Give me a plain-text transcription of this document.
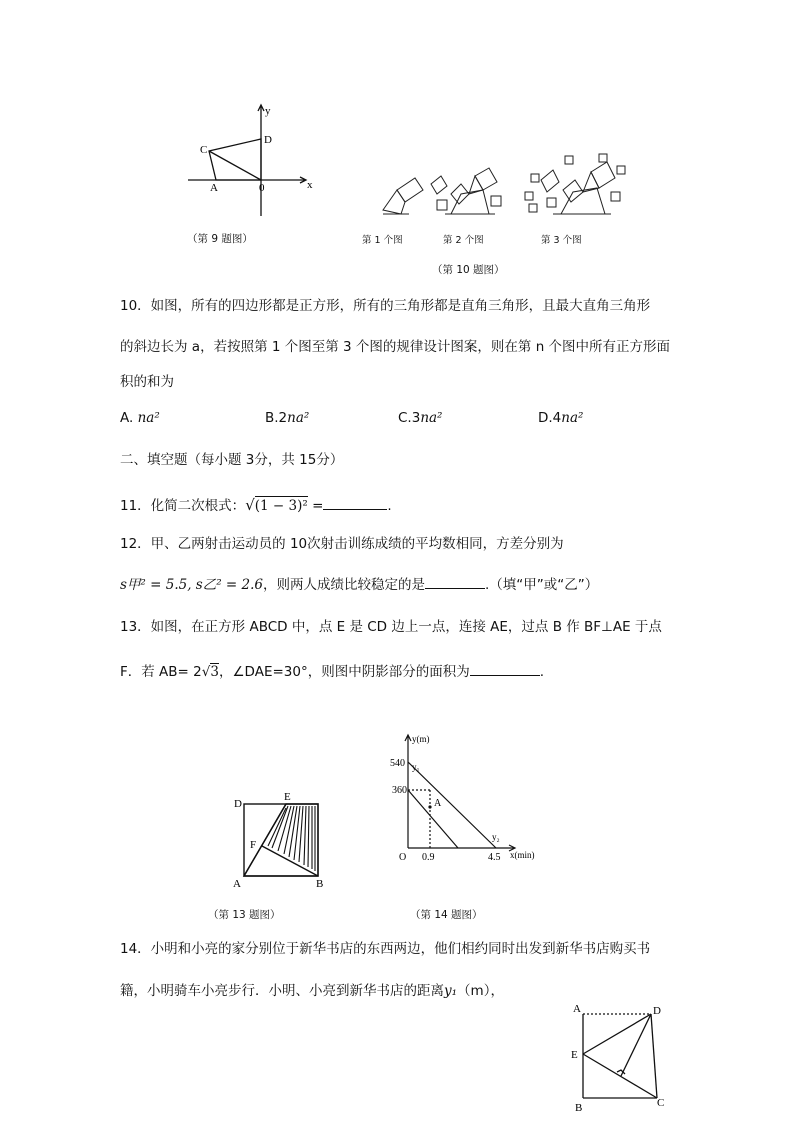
y
x
C
D
A	0
（第 9 题图）	第 1 个图	第 2 个图	第 3 个图
（第 10 题图）
10．如图，所有的四边形都是正方形，所有的三角形都是直角三角形，且最大直角三角形
的斜边长为 a，若按照第 1 个图至第 3 个图的规律设计图案，则在第 n 个图中所有正方形面
积的和为
A. na²	B.2na²	C.3na²	D.4na²
二、填空题（每小题 3分，共 15分）
11．化简二次根式：√(1 − 3)² =	.
12．甲、乙两射击运动员的 10次射击训练成绩的平均数相同，方差分别为
s甲² = 5.5, s乙² = 2.6，则两人成绩比较稳定的是	.（填“甲”或“乙”）
13．如图，在正方形 ABCD 中，点 E 是 CD 边上一点，连接 AE，过点 B 作 BF⊥AE 于点
F．若 AB= 2√3，∠DAE=30°，则图中阴影部分的面积为	.
D
E
F
A	B
（第 13 题图）
y(m)
540
360
A
O 0.9	4.5 x(min)
y₁
y₂
（第 14 题图）
14．小明和小亮的家分别位于新华书店的东西两边，他们相约同时出发到新华书店购买书
籍，小明骑车小亮步行．小明、小亮到新华书店的距离y₁（m），
A	D
E
B	C
